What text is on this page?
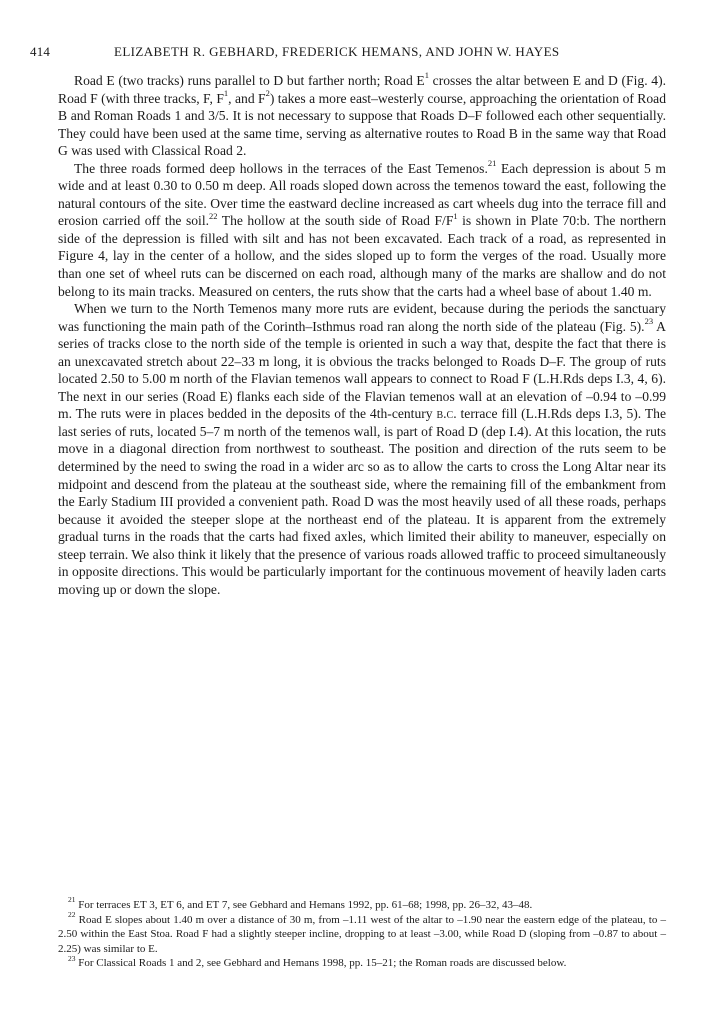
414	ELIZABETH R. GEBHARD, FREDERICK HEMANS, AND JOHN W. HAYES

Road E (two tracks) runs parallel to D but farther north; Road $E^1$ crosses the altar between E and D (Fig. 4). Road F (with three tracks, F, $F^1$, and $F^2$) takes a more east–westerly course, approaching the orientation of Road B and Roman Roads 1 and 3/5. It is not necessary to suppose that Roads D–F followed each other sequentially. They could have been used at the same time, serving as alternative routes to Road B in the same way that Road G was used with Classical Road 2.

The three roads formed deep hollows in the terraces of the East Temenos.$^{21}$ Each depression is about 5 m wide and at least 0.30 to 0.50 m deep. All roads sloped down across the temenos toward the east, following the natural contours of the site. Over time the eastward decline increased as cart wheels dug into the terrace fill and erosion carried off the soil.$^{22}$ The hollow at the south side of Road $F/F^1$ is shown in Plate 70:b. The northern side of the depression is filled with silt and has not been excavated. Each track of a road, as represented in Figure 4, lay in the center of a hollow, and the sides sloped up to form the verges of the road. Usually more than one set of wheel ruts can be discerned on each road, although many of the marks are shallow and do not belong to its main tracks. Measured on centers, the ruts show that the carts had a wheel base of about 1.40 m.

When we turn to the North Temenos many more ruts are evident, because during the periods the sanctuary was functioning the main path of the Corinth–Isthmus road ran along the north side of the plateau (Fig. 5).$^{23}$ A series of tracks close to the north side of the temple is oriented in such a way that, despite the fact that there is an unexcavated stretch about 22–33 m long, it is obvious the tracks belonged to Roads D–F. The group of ruts located 2.50 to 5.00 m north of the Flavian temenos wall appears to connect to Road F (L.H.Rds deps I.3, 4, 6). The next in our series (Road E) flanks each side of the Flavian temenos wall at an elevation of –0.94 to –0.99 m. The ruts were in places bedded in the deposits of the 4th-century b.c. terrace fill (L.H.Rds deps I.3, 5). The last series of ruts, located 5–7 m north of the temenos wall, is part of Road D (dep I.4). At this location, the ruts move in a diagonal direction from northwest to southeast. The position and direction of the ruts seem to be determined by the need to swing the road in a wider arc so as to allow the carts to cross the Long Altar near its midpoint and descend from the plateau at the southeast side, where the remaining fill of the embankment from the Early Stadium III provided a convenient path. Road D was the most heavily used of all these roads, perhaps because it avoided the steeper slope at the northeast end of the plateau. It is apparent from the extremely gradual turns in the roads that the carts had fixed axles, which limited their ability to maneuver, especially on steep terrain. We also think it likely that the presence of various roads allowed traffic to proceed simultaneously in opposite directions. This would be particularly important for the continuous movement of heavily laden carts moving up or down the slope.

$^{21}$ For terraces ET 3, ET 6, and ET 7, see Gebhard and Hemans 1992, pp. 61–68; 1998, pp. 26–32, 43–48.

$^{22}$ Road E slopes about 1.40 m over a distance of 30 m, from –1.11 west of the altar to –1.90 near the eastern edge of the plateau, to –2.50 within the East Stoa. Road F had a slightly steeper incline, dropping to at least –3.00, while Road D (sloping from –0.87 to about –2.25) was similar to E.

$^{23}$ For Classical Roads 1 and 2, see Gebhard and Hemans 1998, pp. 15–21; the Roman roads are discussed below.
